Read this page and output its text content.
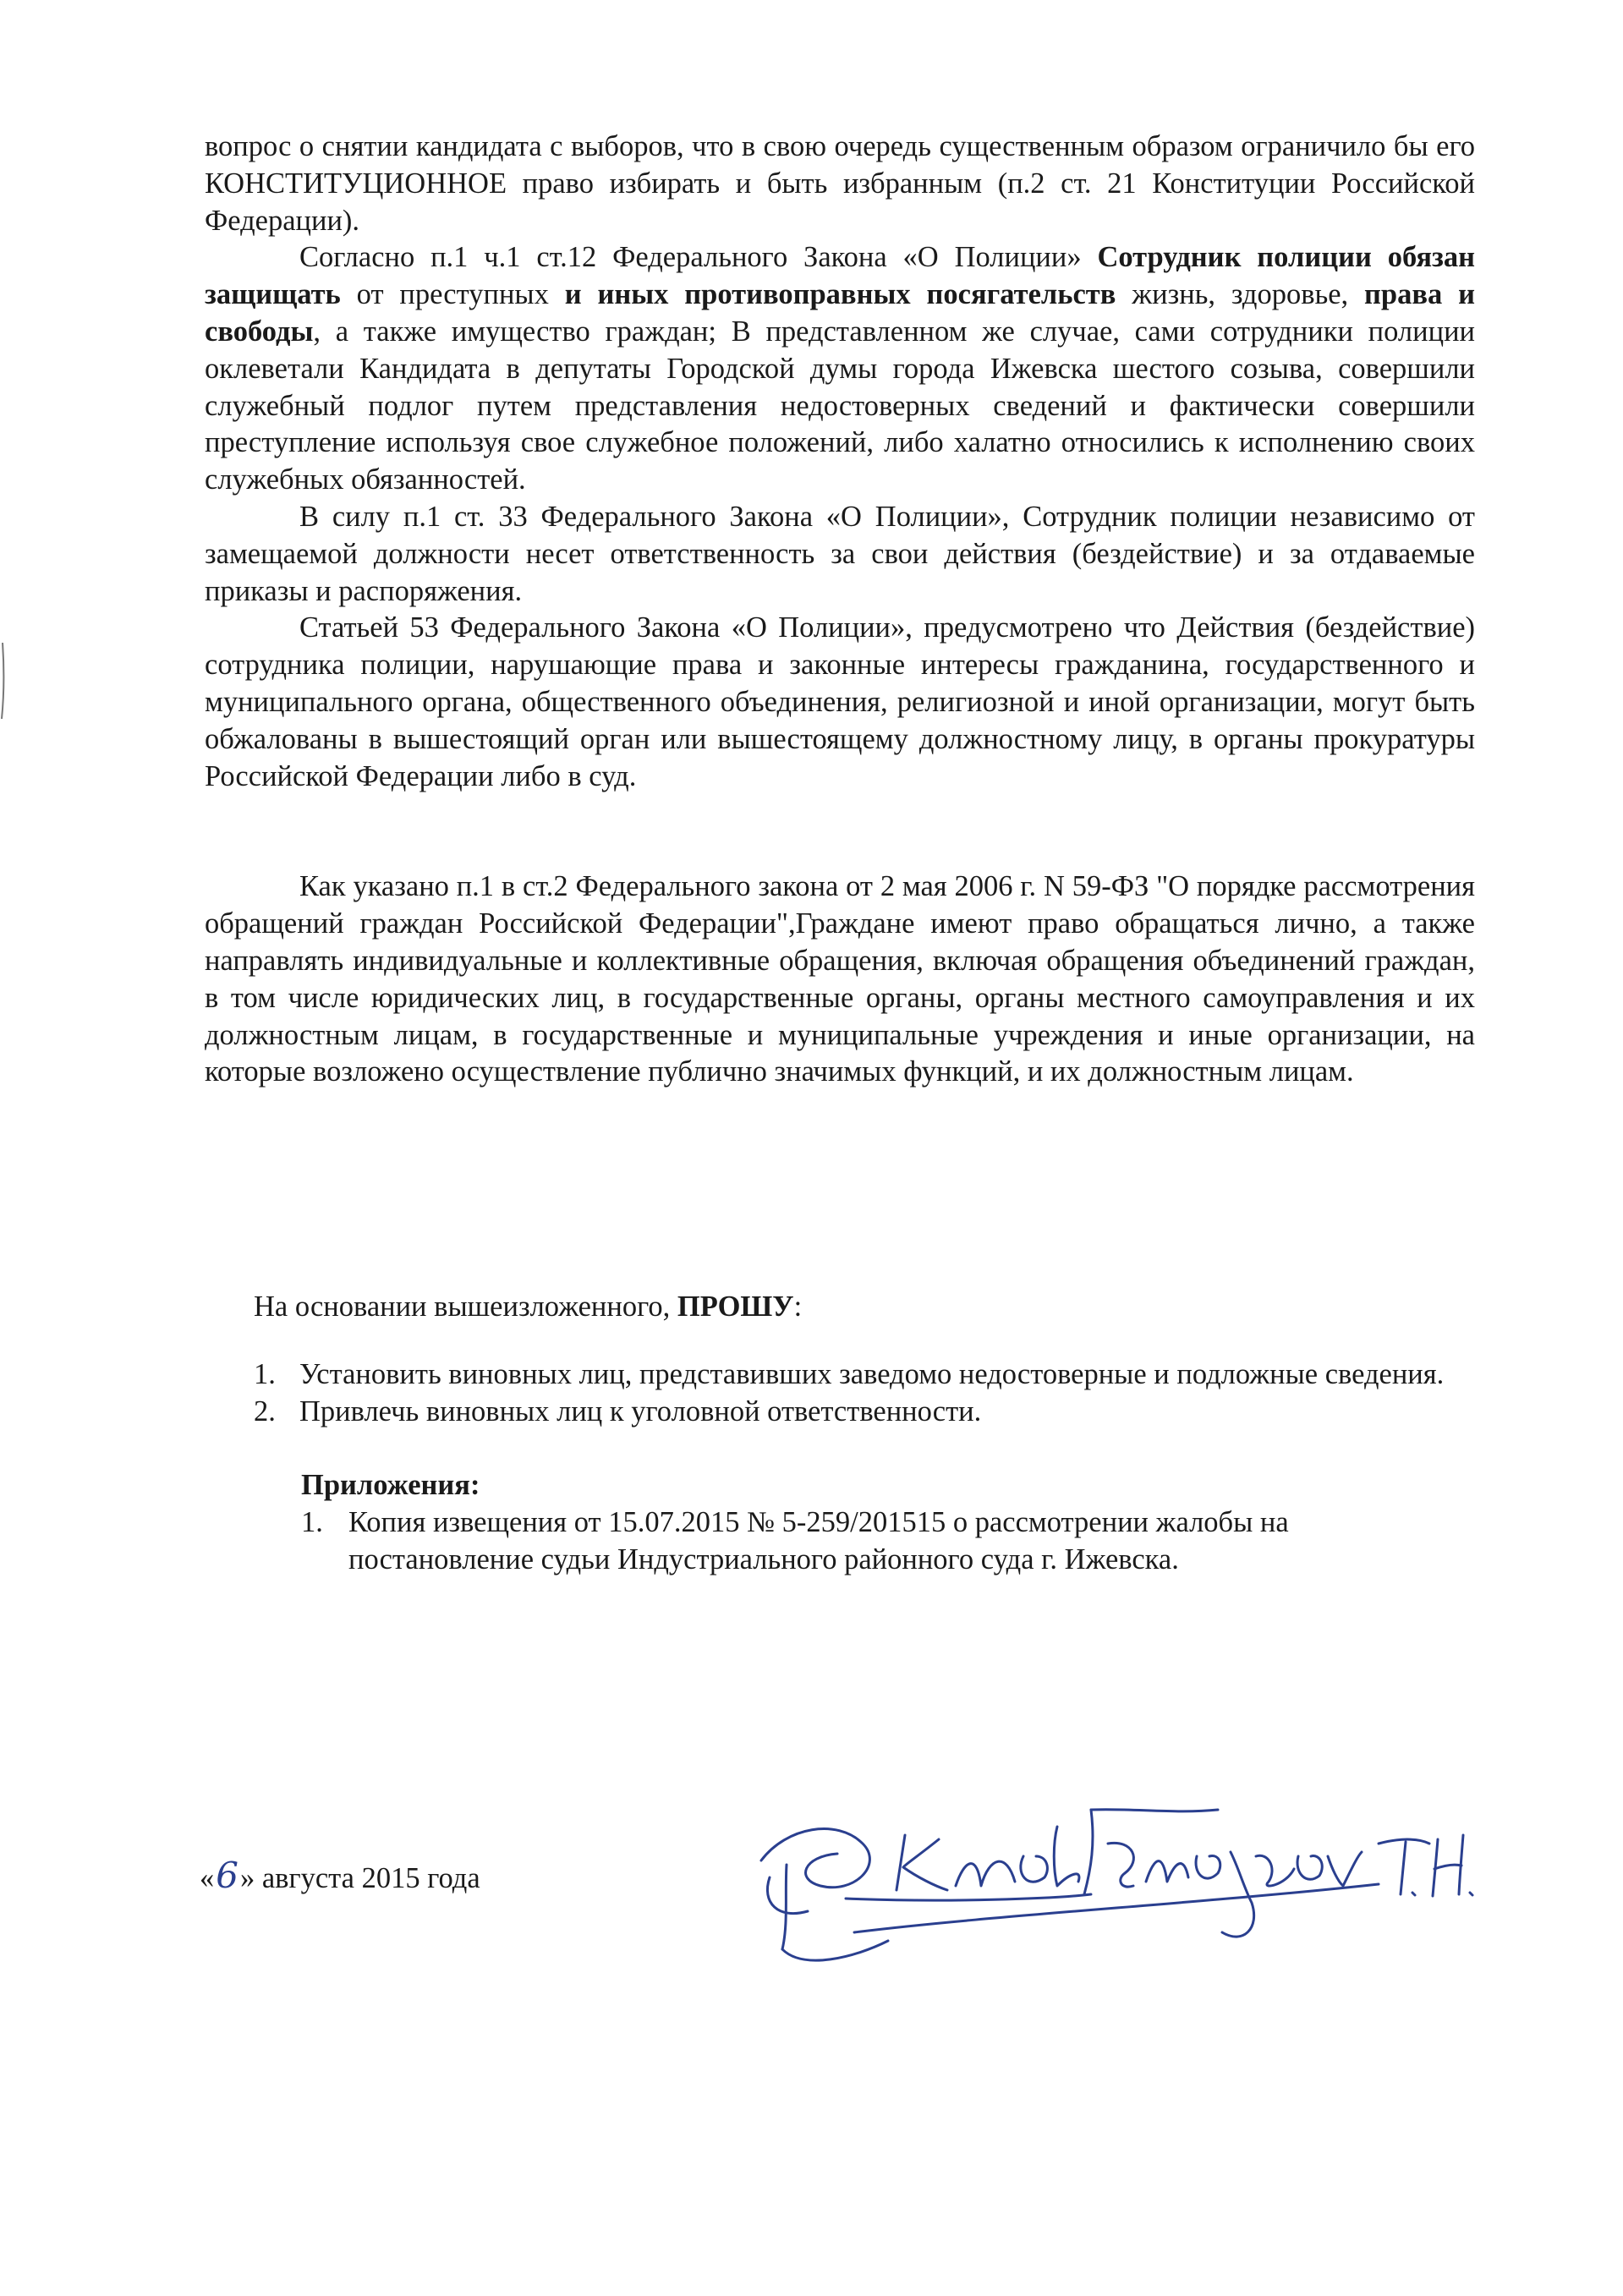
вопрос о снятии кандидата с выборов, что в свою очередь существенным образом ограничило бы его КОНСТИТУЦИОННОЕ право избирать и быть избранным (п.2 ст. 21 Конституции Российской Федерации).

Согласно п.1 ч.1 ст.12 Федерального Закона «О Полиции» Сотрудник полиции обязан защищать от преступных и иных противоправных посягательств жизнь, здоровье, права и свободы, а также имущество граждан; В представленном же случае, сами сотрудники полиции оклеветали Кандидата в депутаты Городской думы города Ижевска шестого созыва, совершили служебный подлог путем представления недостоверных сведений и фактически совершили преступление используя свое служебное положений, либо халатно относились к исполнению своих служебных обязанностей.

В силу п.1 ст. 33 Федерального Закона «О Полиции», Сотрудник полиции независимо от замещаемой должности несет ответственность за свои действия (бездействие) и за отдаваемые приказы и распоряжения.

Статьей 53 Федерального Закона «О Полиции», предусмотрено что Действия (бездействие) сотрудника полиции, нарушающие права и законные интересы гражданина, государственного и муниципального органа, общественного объединения, религиозной и иной организации, могут быть обжалованы в вышестоящий орган или вышестоящему должностному лицу, в органы прокуратуры Российской Федерации либо в суд.

Как указано п.1 в ст.2 Федерального закона от 2 мая 2006 г. N 59-ФЗ "О порядке рассмотрения обращений граждан Российской Федерации",Граждане имеют право обращаться лично, а также направлять индивидуальные и коллективные обращения, включая обращения объединений граждан, в том числе юридических лиц, в государственные органы, органы местного самоуправления и их должностным лицам, в государственные и муниципальные учреждения и иные организации, на которые возложено осуществление публично значимых функций, и их должностным лицам.

На основании вышеизложенного, ПРОШУ:

1. Установить виновных лиц, представивших заведомо недостоверные и подложные сведения.
2. Привлечь виновных лиц к уголовной ответственности.

Приложения:

1. Копия извещения от 15.07.2015 № 5-259/201515 о рассмотрении жалобы на постановление судьи Индустриального районного суда г. Ижевска.
«6» августа 2015 года
